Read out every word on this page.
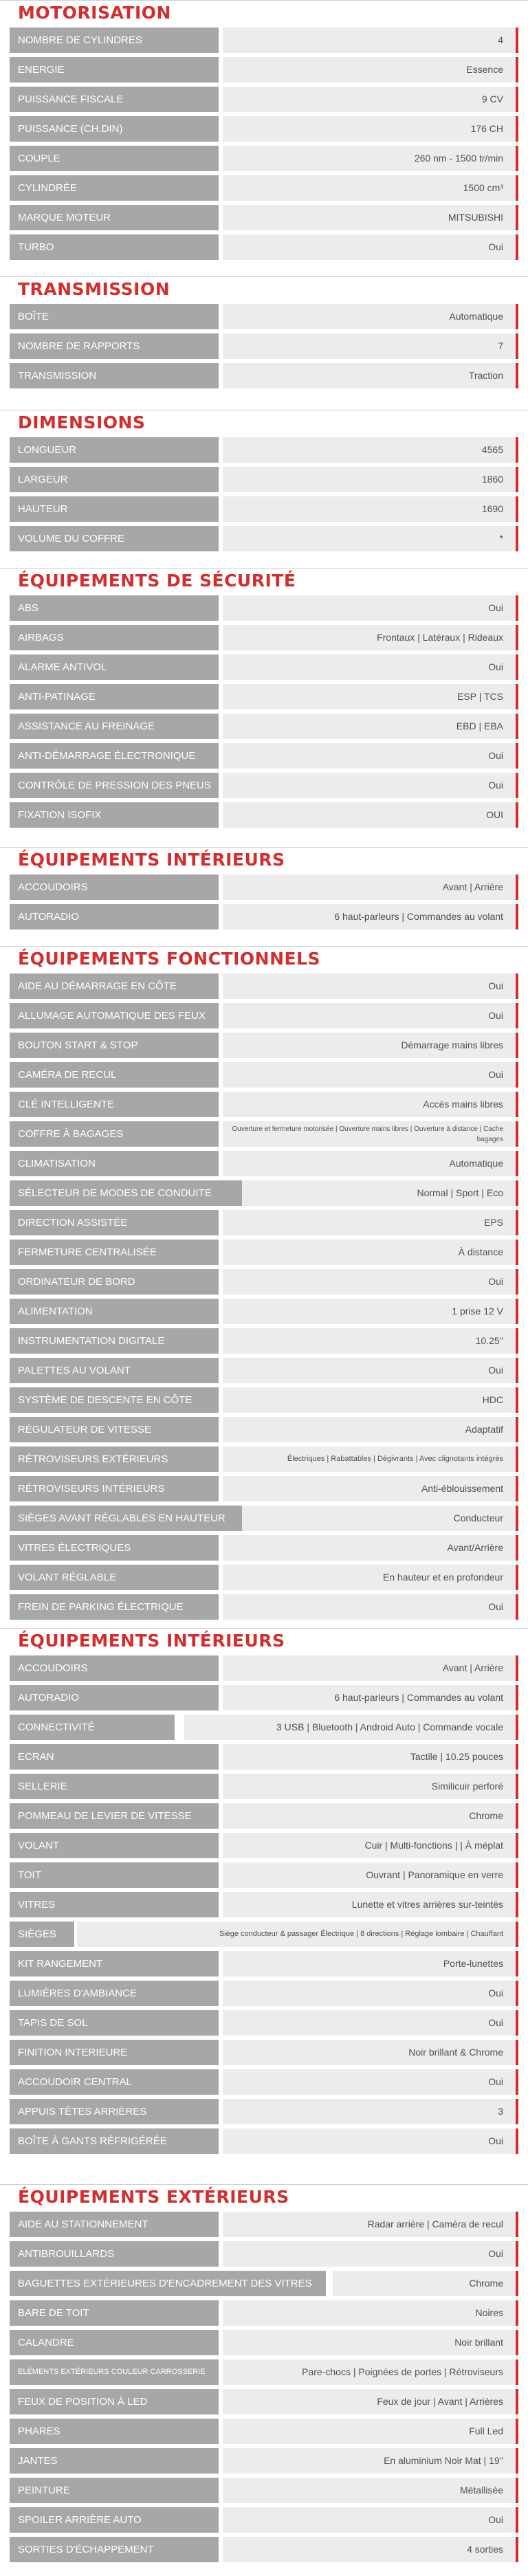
MOTORISATION
NOMBRE DE CYLINDRES	4
ENERGIE	Essence
PUISSANCE FISCALE	9 CV
PUISSANCE (CH.DIN)	176 CH
COUPLE	260 nm - 1500 tr/min
CYLINDRÉE	1500 cm³
MARQUE MOTEUR	MITSUBISHI
TURBO	Oui
TRANSMISSION
BOÎTE	Automatique
NOMBRE DE RAPPORTS	7
TRANSMISSION	Traction
DIMENSIONS
LONGUEUR	4565
LARGEUR	1860
HAUTEUR	1690
VOLUME DU COFFRE	*
ÉQUIPEMENTS DE SÉCURITÉ
ABS	Oui
AIRBAGS	Frontaux | Latéraux | Rideaux
ALARME ANTIVOL	Oui
ANTI-PATINAGE	ESP | TCS
ASSISTANCE AU FREINAGE	EBD | EBA
ANTI-DÉMARRAGE ÉLECTRONIQUE	Oui
CONTRÔLE DE PRESSION DES PNEUS	Oui
FIXATION ISOFIX	OUI
ÉQUIPEMENTS INTÉRIEURS
ACCOUDOIRS	Avant | Arrière
AUTORADIO	6 haut-parleurs | Commandes au volant
ÉQUIPEMENTS FONCTIONNELS
AIDE AU DÉMARRAGE EN CÔTE	Oui
ALLUMAGE AUTOMATIQUE DES FEUX	Oui
BOUTON START & STOP	Démarrage mains libres
CAMÉRA DE RECUL	Oui
CLÉ INTELLIGENTE	Accès mains libres
COFFRE À BAGAGES	Ouverture et fermeture motorisée | Ouverture mains libres | Ouverture à distance | Cache bagages
CLIMATISATION	Automatique
SÉLECTEUR DE MODES DE CONDUITE	Normal | Sport | Eco
DIRECTION ASSISTÉE	EPS
FERMETURE CENTRALISÉE	À distance
ORDINATEUR DE BORD	Oui
ALIMENTATION	1 prise 12 V
INSTRUMENTATION DIGITALE	10.25''
PALETTES AU VOLANT	Oui
SYSTÈME DE DESCENTE EN CÔTE	HDC
RÉGULATEUR DE VITESSE	Adaptatif
RÉTROVISEURS EXTÉRIEURS	Électriques | Rabattables | Dégivrants | Avec clignotants intégrés
RÉTROVISEURS INTÉRIEURS	Anti-éblouissement
SIÈGES AVANT RÉGLABLES EN HAUTEUR	Conducteur
VITRES ÉLECTRIQUES	Avant/Arrière
VOLANT RÉGLABLE	En hauteur et en profondeur
FREIN DE PARKING ÉLECTRIQUE	Oui
ÉQUIPEMENTS INTÉRIEURS
ACCOUDOIRS	Avant | Arrière
AUTORADIO	6 haut-parleurs | Commandes au volant
CONNECTIVITÉ	3 USB | Bluetooth | Android Auto | Commande vocale
ECRAN	Tactile | 10.25 pouces
SELLERIE	Similicuir perforé
POMMEAU DE LEVIER DE VITESSE	Chrome
VOLANT	Cuir | Multi-fonctions | | À méplat
TOIT	Ouvrant | Panoramique en verre
VITRES	Lunette et vitres arrières sur-teintés
SIÈGES	Siège conducteur & passager Électrique | 8 directions | Réglage lombaire | Chauffant
KIT RANGEMENT	Porte-lunettes
LUMIÈRES D'AMBIANCE	Oui
TAPIS DE SOL	Oui
FINITION INTERIEURE	Noir brillant & Chrome
ACCOUDOIR CENTRAL	Oui
APPUIS TÊTES ARRIÈRES	3
BOÎTE À GANTS RÉFRIGÉRÉE	Oui
ÉQUIPEMENTS EXTÉRIEURS
AIDE AU STATIONNEMENT	Radar arrière | Caméra de recul
ANTIBROUILLARDS	Oui
BAGUETTES EXTÉRIEURES D'ENCADREMENT DES VITRES	Chrome
BARE DE TOIT	Noires
CALANDRE	Noir brillant
ELÉMENTS EXTÉRIEURS COULEUR CARROSSERIE	Pare-chocs | Poignées de portes | Rétroviseurs
FEUX DE POSITION À LED	Feux de jour | Avant | Arrières
PHARES	Full Led
JANTES	En aluminium Noir Mat | 19''
PEINTURE	Métallisée
SPOILER ARRIÈRE AUTO	Oui
SORTIES D'ÉCHAPPEMENT	4 sorties
